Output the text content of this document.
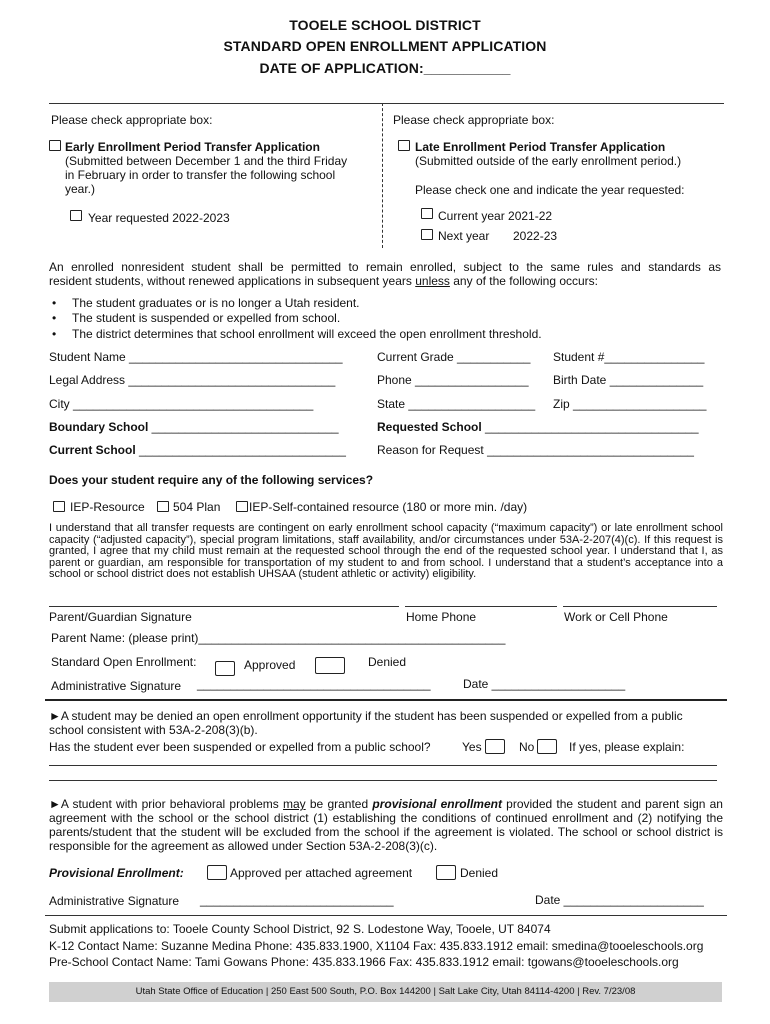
TOOELE SCHOOL DISTRICT
STANDARD OPEN ENROLLMENT APPLICATION
DATE OF APPLICATION:___________
Please check appropriate box:
Early Enrollment Period Transfer Application
(Submitted between December 1 and the third Friday
in February in order to transfer the following school
year.)
Year requested 2022-2023
Please check appropriate box:
Late Enrollment Period Transfer Application
(Submitted outside of the early enrollment period.)
Please check one and indicate the year requested:
Current year 2021-22
Next year 2022-23
An enrolled nonresident student shall be permitted to remain enrolled, subject to the same rules and standards as
resident students, without renewed applications in subsequent years unless any of the following occurs:
• The student graduates or is no longer a Utah resident.
• The student is suspended or expelled from school.
• The district determines that school enrollment will exceed the open enrollment threshold.
Student Name ________________________________	Current Grade ___________ Student #_______________
Legal Address _______________________________	Phone _________________ Birth Date ______________
City ____________________________________	State ___________________ Zip ____________________
Boundary School ____________________________	Requested School ________________________________
Current School _______________________________	Reason for Request _______________________________
Does your student require any of the following services?
IEP-Resource 504 Plan IEP-Self-contained resource (180 or more min. /day)
I understand that all transfer requests are contingent on early enrollment school capacity (“maximum capacity”) or late enrollment school capacity (“adjusted capacity”), special program limitations, staff availability, and/or circumstances under 53A-2-207(4)(c). If this request is granted, I agree that my child must remain at the requested school through the end of the requested school year. I understand that I, as parent or guardian, am responsible for transportation of my student to and from school. I understand that a student’s acceptance into a school or school district does not establish UHSAA (student athletic or activity) eligibility.
Parent/Guardian Signature	Home Phone	Work or Cell Phone
Parent Name: (please print)______________________________________________
Standard Open Enrollment:	Approved	Denied
Administrative Signature ___________________________________	Date ____________________
►A student may be denied an open enrollment opportunity if the student has been suspended or expelled from a public
school consistent with 53A-2-208(3)(b).
Has the student ever been suspended or expelled from a public school?	Yes	No	If yes, please explain:
►A student with prior behavioral problems may be granted provisional enrollment provided the student and parent sign an agreement with the school or the school district (1) establishing the conditions of continued enrollment and (2) notifying the parents/student that the student will be excluded from the school if the agreement is violated. The school or school district is responsible for the agreement as allowed under Section 53A-2-208(3)(c).
Provisional Enrollment:	Approved per attached agreement	Denied
Administrative Signature _____________________________	Date _____________________
Submit applications to: Tooele County School District, 92 S. Lodestone Way, Tooele, UT 84074
K-12 Contact Name: Suzanne Medina Phone: 435.833.1900, X1104 Fax: 435.833.1912 email: smedina@tooeleschools.org
Pre-School Contact Name: Tami Gowans Phone: 435.833.1966 Fax: 435.833.1912 email: tgowans@tooeleschools.org
Utah State Office of Education | 250 East 500 South, P.O. Box 144200 | Salt Lake City, Utah 84114-4200 | Rev. 7/23/08
